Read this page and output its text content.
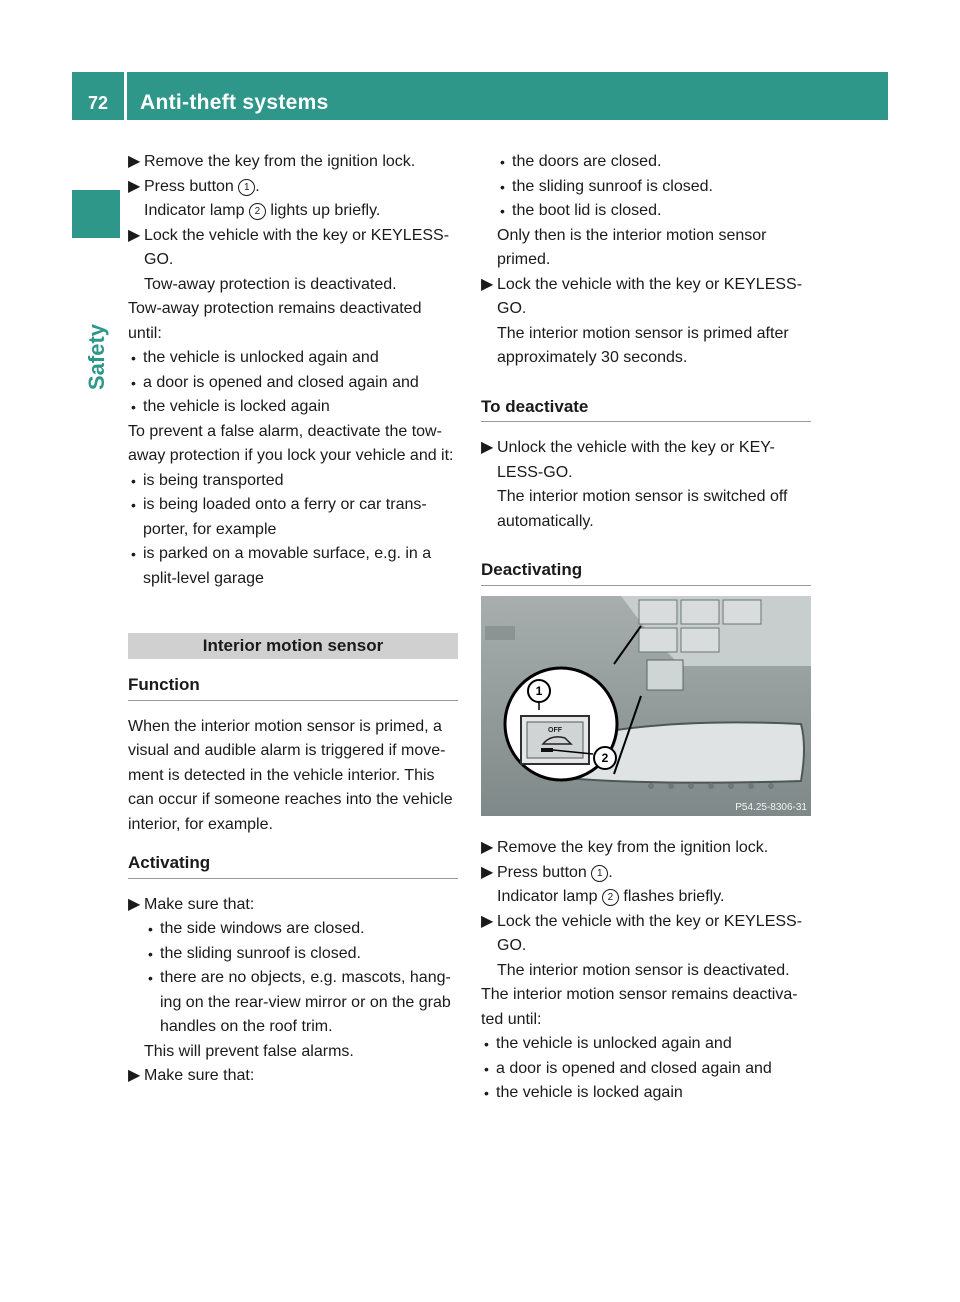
72	Anti-theft systems
Safety

▶ Remove the key from the ignition lock.

▶ Press button 1 .

Indicator lamp 2 lights up briefly.

▶ Lock the vehicle with the key or KEYLESS-GO.

Tow-away protection is deactivated.

Tow-away protection remains deactivated until:

• the vehicle is unlocked again and

• a door is opened and closed again and

• the vehicle is locked again

To prevent a false alarm, deactivate the tow-away protection if you lock your vehicle and it:

• is being transported

• is being loaded onto a ferry or car trans-porter, for example

• is parked on a movable surface, e.g. in a split-level garage

Interior motion sensor
Function

When the interior motion sensor is primed, a visual and audible alarm is triggered if move-ment is detected in the vehicle interior. This can occur if someone reaches into the vehicle interior, for example.

Activating

▶ Make sure that:

• the side windows are closed.

• the sliding sunroof is closed.

• there are no objects, e.g. mascots, hang-ing on the rear-view mirror or on the grab handles on the roof trim.

This will prevent false alarms.

▶ Make sure that:

• the doors are closed.

• the sliding sunroof is closed.

• the boot lid is closed.

Only then is the interior motion sensor primed.

▶ Lock the vehicle with the key or KEYLESS-GO.

The interior motion sensor is primed after approximately 30 seconds.

To deactivate

▶ Unlock the vehicle with the key or KEY-LESS-GO.

The interior motion sensor is switched off automatically.

Deactivating
1
2
OFF
P54.25-8306-31

▶ Remove the key from the ignition lock.

▶ Press button 1 .

Indicator lamp 2 flashes briefly.

▶ Lock the vehicle with the key or KEYLESS-GO.

The interior motion sensor is deactivated.

The interior motion sensor remains deactiva-ted until:

• the vehicle is unlocked again and

• a door is opened and closed again and

• the vehicle is locked again
